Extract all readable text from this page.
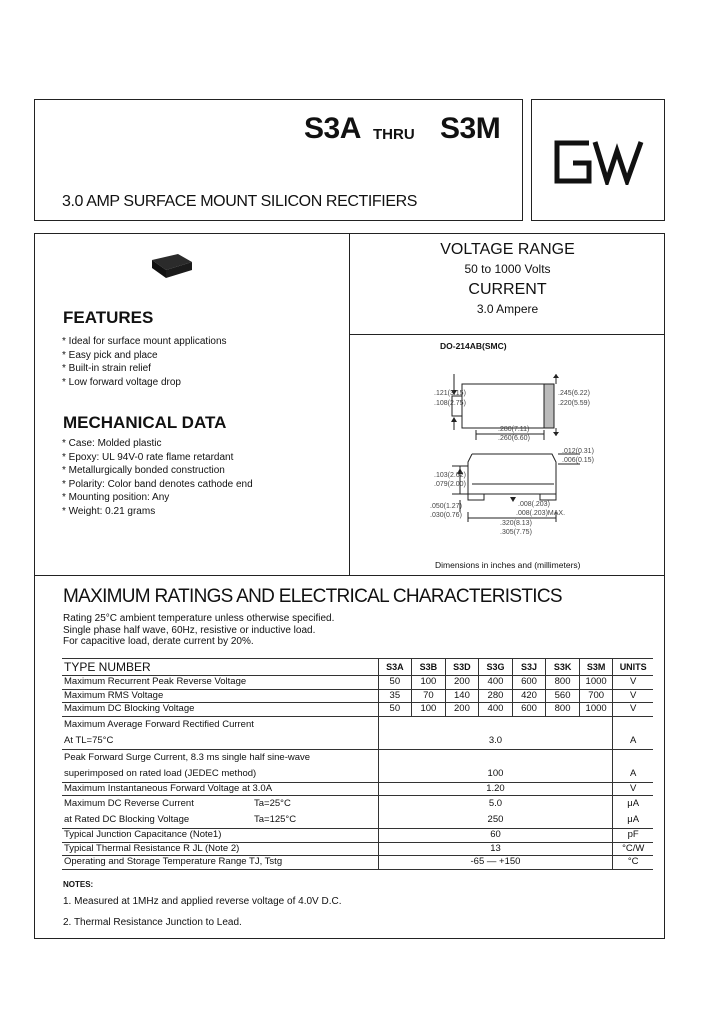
S3A THRU S3M
3.0 AMP SURFACE MOUNT SILICON RECTIFIERS
FEATURES
* Ideal for surface mount applications
* Easy pick and place
* Built-in strain relief
* Low forward voltage drop
MECHANICAL DATA
* Case: Molded plastic
* Epoxy: UL 94V-0 rate flame retardant
* Metallurgically bonded construction
* Polarity: Color band denotes cathode end
* Mounting position: Any
* Weight: 0.21 grams
VOLTAGE RANGE
50 to 1000 Volts
CURRENT
3.0 Ampere
DO-214AB(SMC)
.121(3.15)
.108(2.75)
.245(6.22)
.220(5.59)
.280(7.11)
.260(6.60)
.012(0.31)
.006(0.15)
.103(2.62)
.079(2.00)
.050(1.27)
.030(0.76)
.008(.203)
.008(.203)MAX.
.320(8.13)
.305(7.75)
Dimensions in inches and (millimeters)
MAXIMUM RATINGS AND ELECTRICAL CHARACTERISTICS
Rating 25°C ambient temperature unless otherwise specified.
Single phase half wave, 60Hz, resistive or inductive load.
For capacitive load, derate current by 20%.
TYPE NUMBER	S3A	S3B	S3D	S3G	S3J	S3K	S3M	UNITS
Maximum Recurrent Peak Reverse Voltage	50	100	200	400	600	800	1000	V
Maximum RMS Voltage	35	70	140	280	420	560	700	V
Maximum DC Blocking Voltage	50	100	200	400	600	800	1000	V
Maximum Average Forward Rectified Current								
At TL=75°C	3.0							A
Peak Forward Surge Current, 8.3 ms single half sine-wave								
superimposed on rated load (JEDEC method)	100							A
Maximum Instantaneous Forward Voltage at 3.0A	1.20							V
Maximum DC Reverse Current Ta=25°C	5.0							μA
at Rated DC Blocking Voltage Ta=125°C	250							μA
Typical Junction Capacitance (Note1)	60							pF
Typical Thermal Resistance R JL (Note 2)	13							°C/W
Operating and Storage Temperature Range TJ, Tstg	-65 — +150							°C
NOTES:
1. Measured at 1MHz and applied reverse voltage of 4.0V D.C.
2. Thermal Resistance Junction to Lead.
